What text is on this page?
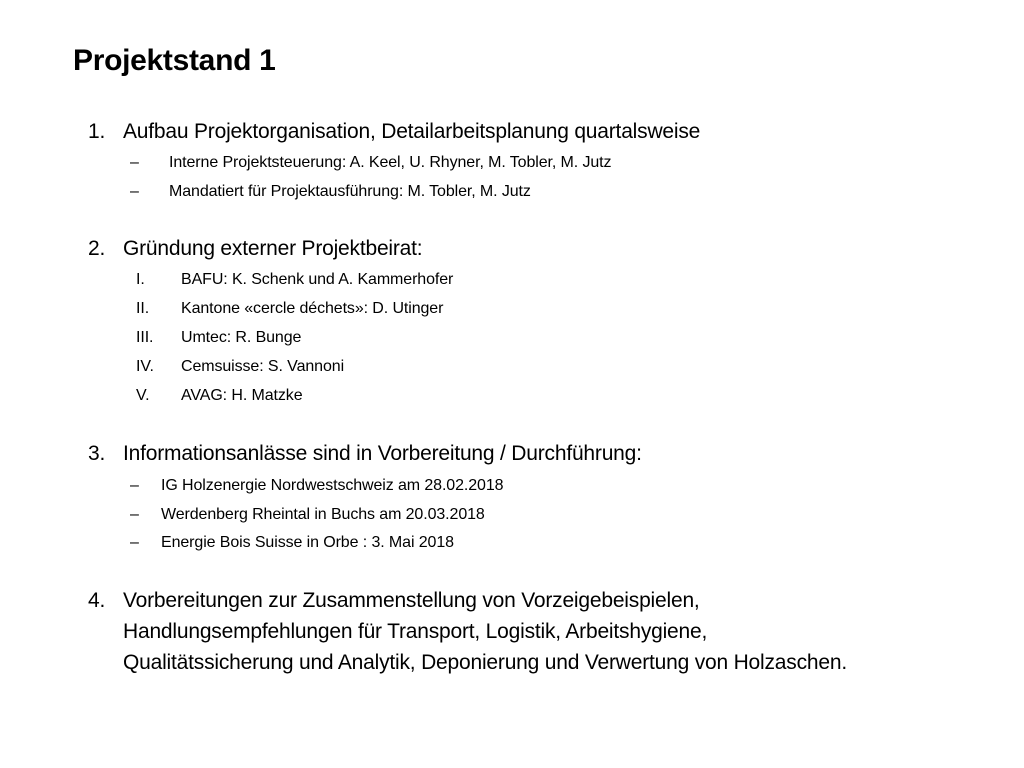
Projektstand 1
1. Aufbau Projektorganisation, Detailarbeitsplanung quartalsweise
– Interne Projektsteuerung: A. Keel, U. Rhyner, M. Tobler, M. Jutz
– Mandatiert für Projektausführung: M. Tobler, M. Jutz
2. Gründung externer Projektbeirat:
I. BAFU: K. Schenk und A. Kammerhofer
II. Kantone «cercle déchets»: D. Utinger
III. Umtec: R. Bunge
IV. Cemsuisse: S. Vannoni
V. AVAG: H. Matzke
3. Informationsanlässe sind in Vorbereitung / Durchführung:
– IG Holzenergie Nordwestschweiz am 28.02.2018
– Werdenberg Rheintal in Buchs am 20.03.2018
– Energie Bois Suisse in Orbe : 3. Mai 2018
4. Vorbereitungen zur Zusammenstellung von Vorzeigebeispielen,
Handlungsempfehlungen für Transport, Logistik, Arbeitshygiene,
Qualitätssicherung und Analytik, Deponierung und Verwertung von Holzaschen.
